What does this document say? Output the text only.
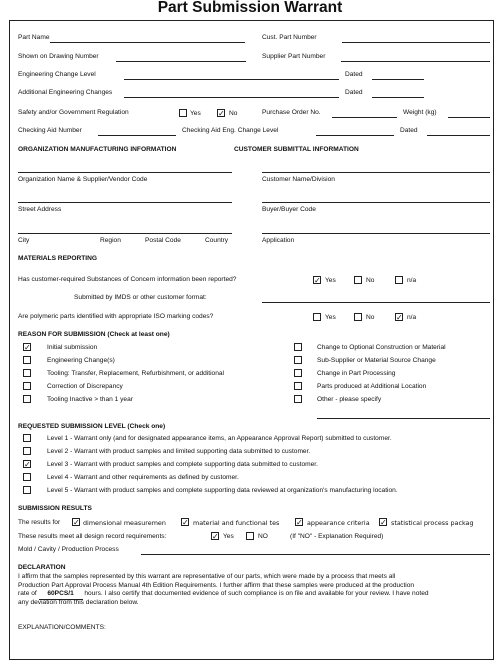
Part Submission Warrant
Part Name	Cust. Part Number
Shown on Drawing Number	Supplier Part Number
Engineering Change Level	Dated
Additional Engineering Changes	Dated
Safety and/or Government Regulation	Yes ✓ No	Purchase Order No.	Weight (kg)
Checking Aid Number	Checking Aid Eng. Change Level	Dated
ORGANIZATION MANUFACTURING INFORMATION	CUSTOMER SUBMITTAL INFORMATION
Organization Name & Supplier/Vendor Code	Customer Name/Division
Street Address	Buyer/Buyer Code
City	Region	Postal Code	Country	Application
MATERIALS REPORTING
Has customer-required Substances of Concern information been reported?	✓ Yes	No	n/a
Submitted by IMDS or other customer format:
Are polymeric parts identified with appropriate ISO marking codes?	Yes	No	✓ n/a
REASON FOR SUBMISSION (Check at least one)
✓ Initial submission
Engineering Change(s)
Tooling: Transfer, Replacement, Refurbishment, or additional
Correction of Discrepancy
Tooling Inactive > than 1 year
Change to Optional Construction or Material
Sub-Supplier or Material Source Change
Change in Part Processing
Parts produced at Additional Location
Other - please specify
REQUESTED SUBMISSION LEVEL (Check one)
Level 1 - Warrant only (and for designated appearance items, an Appearance Approval Report) submitted to customer.
Level 2 - Warrant with product samples and limited supporting data submitted to customer.
✓ Level 3 - Warrant with product samples and complete supporting data submitted to customer.
Level 4 - Warrant and other requirements as defined by customer.
Level 5 - Warrant with product samples and complete supporting data reviewed at organization's manufacturing location.
SUBMISSION RESULTS
The results for ✓ dimensional measuremen ✓ material and functional tes ✓ appearance criteria ✓ statistical process packag
These results meet all design record requirements:	✓ Yes	NO	(If "NO" - Explanation Required)
Mold / Cavity / Production Process
DECLARATION
I affirm that the samples represented by this warrant are representative of our parts, which were made by a process that meets all
Production Part Approval Process Manual 4th Edition Requirements. I further affirm that these samples were produced at the production
rate of 60PCS/1 hours. I also certify that documented evidence of such compliance is on file and available for your review. I have noted
any deviation from this declaration below.
EXPLANATION/COMMENTS:
